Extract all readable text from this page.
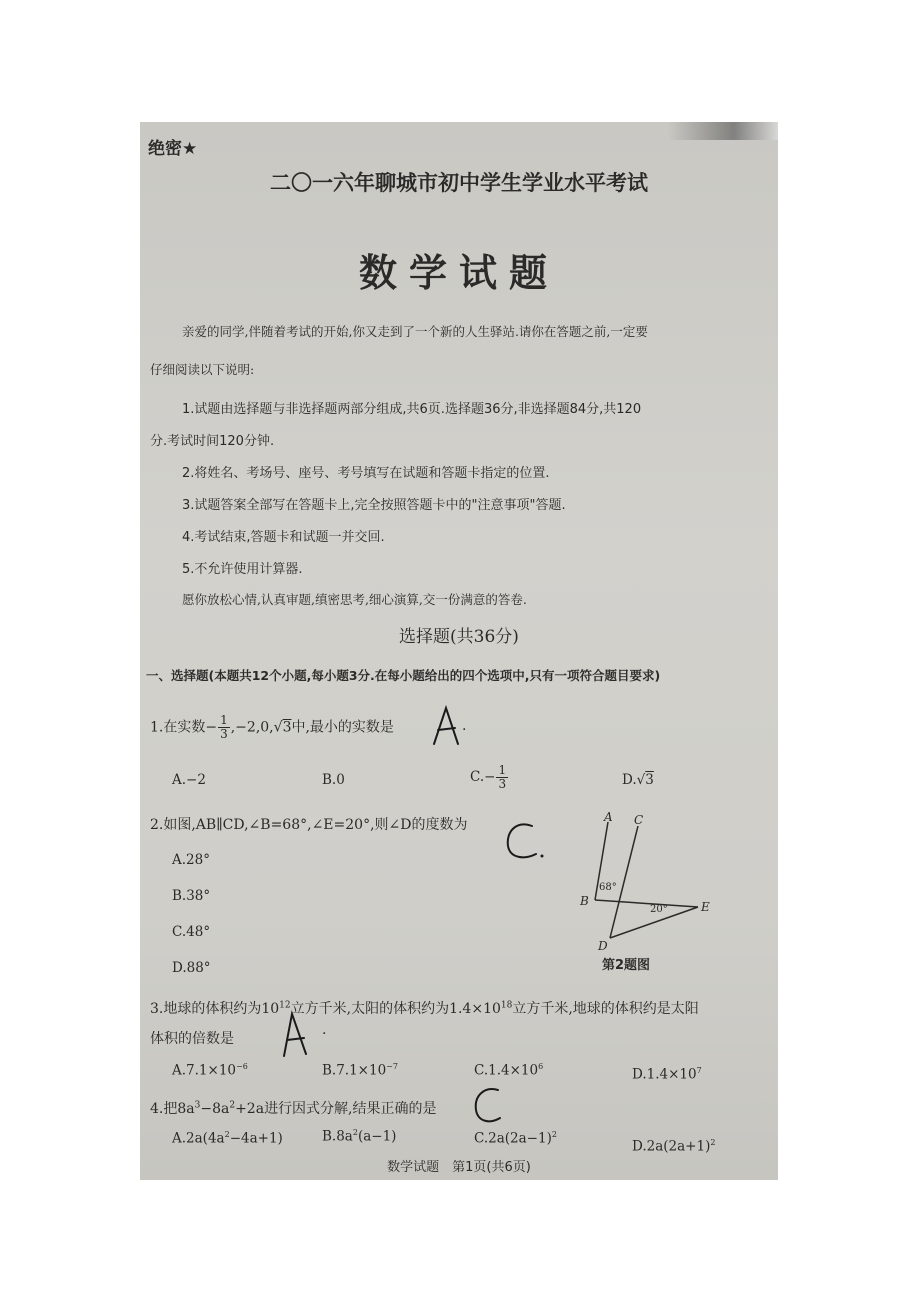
绝密★
二〇一六年聊城市初中学生学业水平考试
数学试题
亲爱的同学,伴随着考试的开始,你又走到了一个新的人生驿站.请你在答题之前,一定要
仔细阅读以下说明:
1.试题由选择题与非选择题两部分组成,共6页.选择题36分,非选择题84分,共120
分.考试时间120分钟.
2.将姓名、考场号、座号、考号填写在试题和答题卡指定的位置.
3.试题答案全部写在答题卡上,完全按照答题卡中的"注意事项"答题.
4.考试结束,答题卡和试题一并交回.
5.不允许使用计算器.
愿你放松心情,认真审题,缜密思考,细心演算,交一份满意的答卷.
选择题(共36分)
一、选择题(本题共12个小题,每小题3分.在每小题给出的四个选项中,只有一项符合题目要求)
1.在实数− $\frac{1}{3} ,-2,0,√3$中,最小的实数是	.
A.−2	B.0	$C.- \frac{1}{3}$	D.√3
2.如图,AB∥CD,∠B=68°,∠E=20°,则∠D的度数为
A.28°
B.38°
C.48°
D.88°
A C
B	E
D
68°
20°
第2题图
3.地球的体积约为$10^{12}$立方千米,太阳的体积约为$1.4\times 10^{18}$立方千米,地球的体积约是太阳
体积的倍数是
.
$A.7.1\times 10^{-6}$	$B.7.1\times 10^{-7}$	$C.1.4\times 10^6$	$D.1.4\times 10^7$
4.把$8a^3-8a^2+2a$进行因式分解,结果正确的是
$A.2a(4a^2-4a+1)$	$B.8a^2(a-1)$	$C.2a(2a-1)^2$
$D.2a(2a+1)^2$
数学试题　第1页(共6页)
